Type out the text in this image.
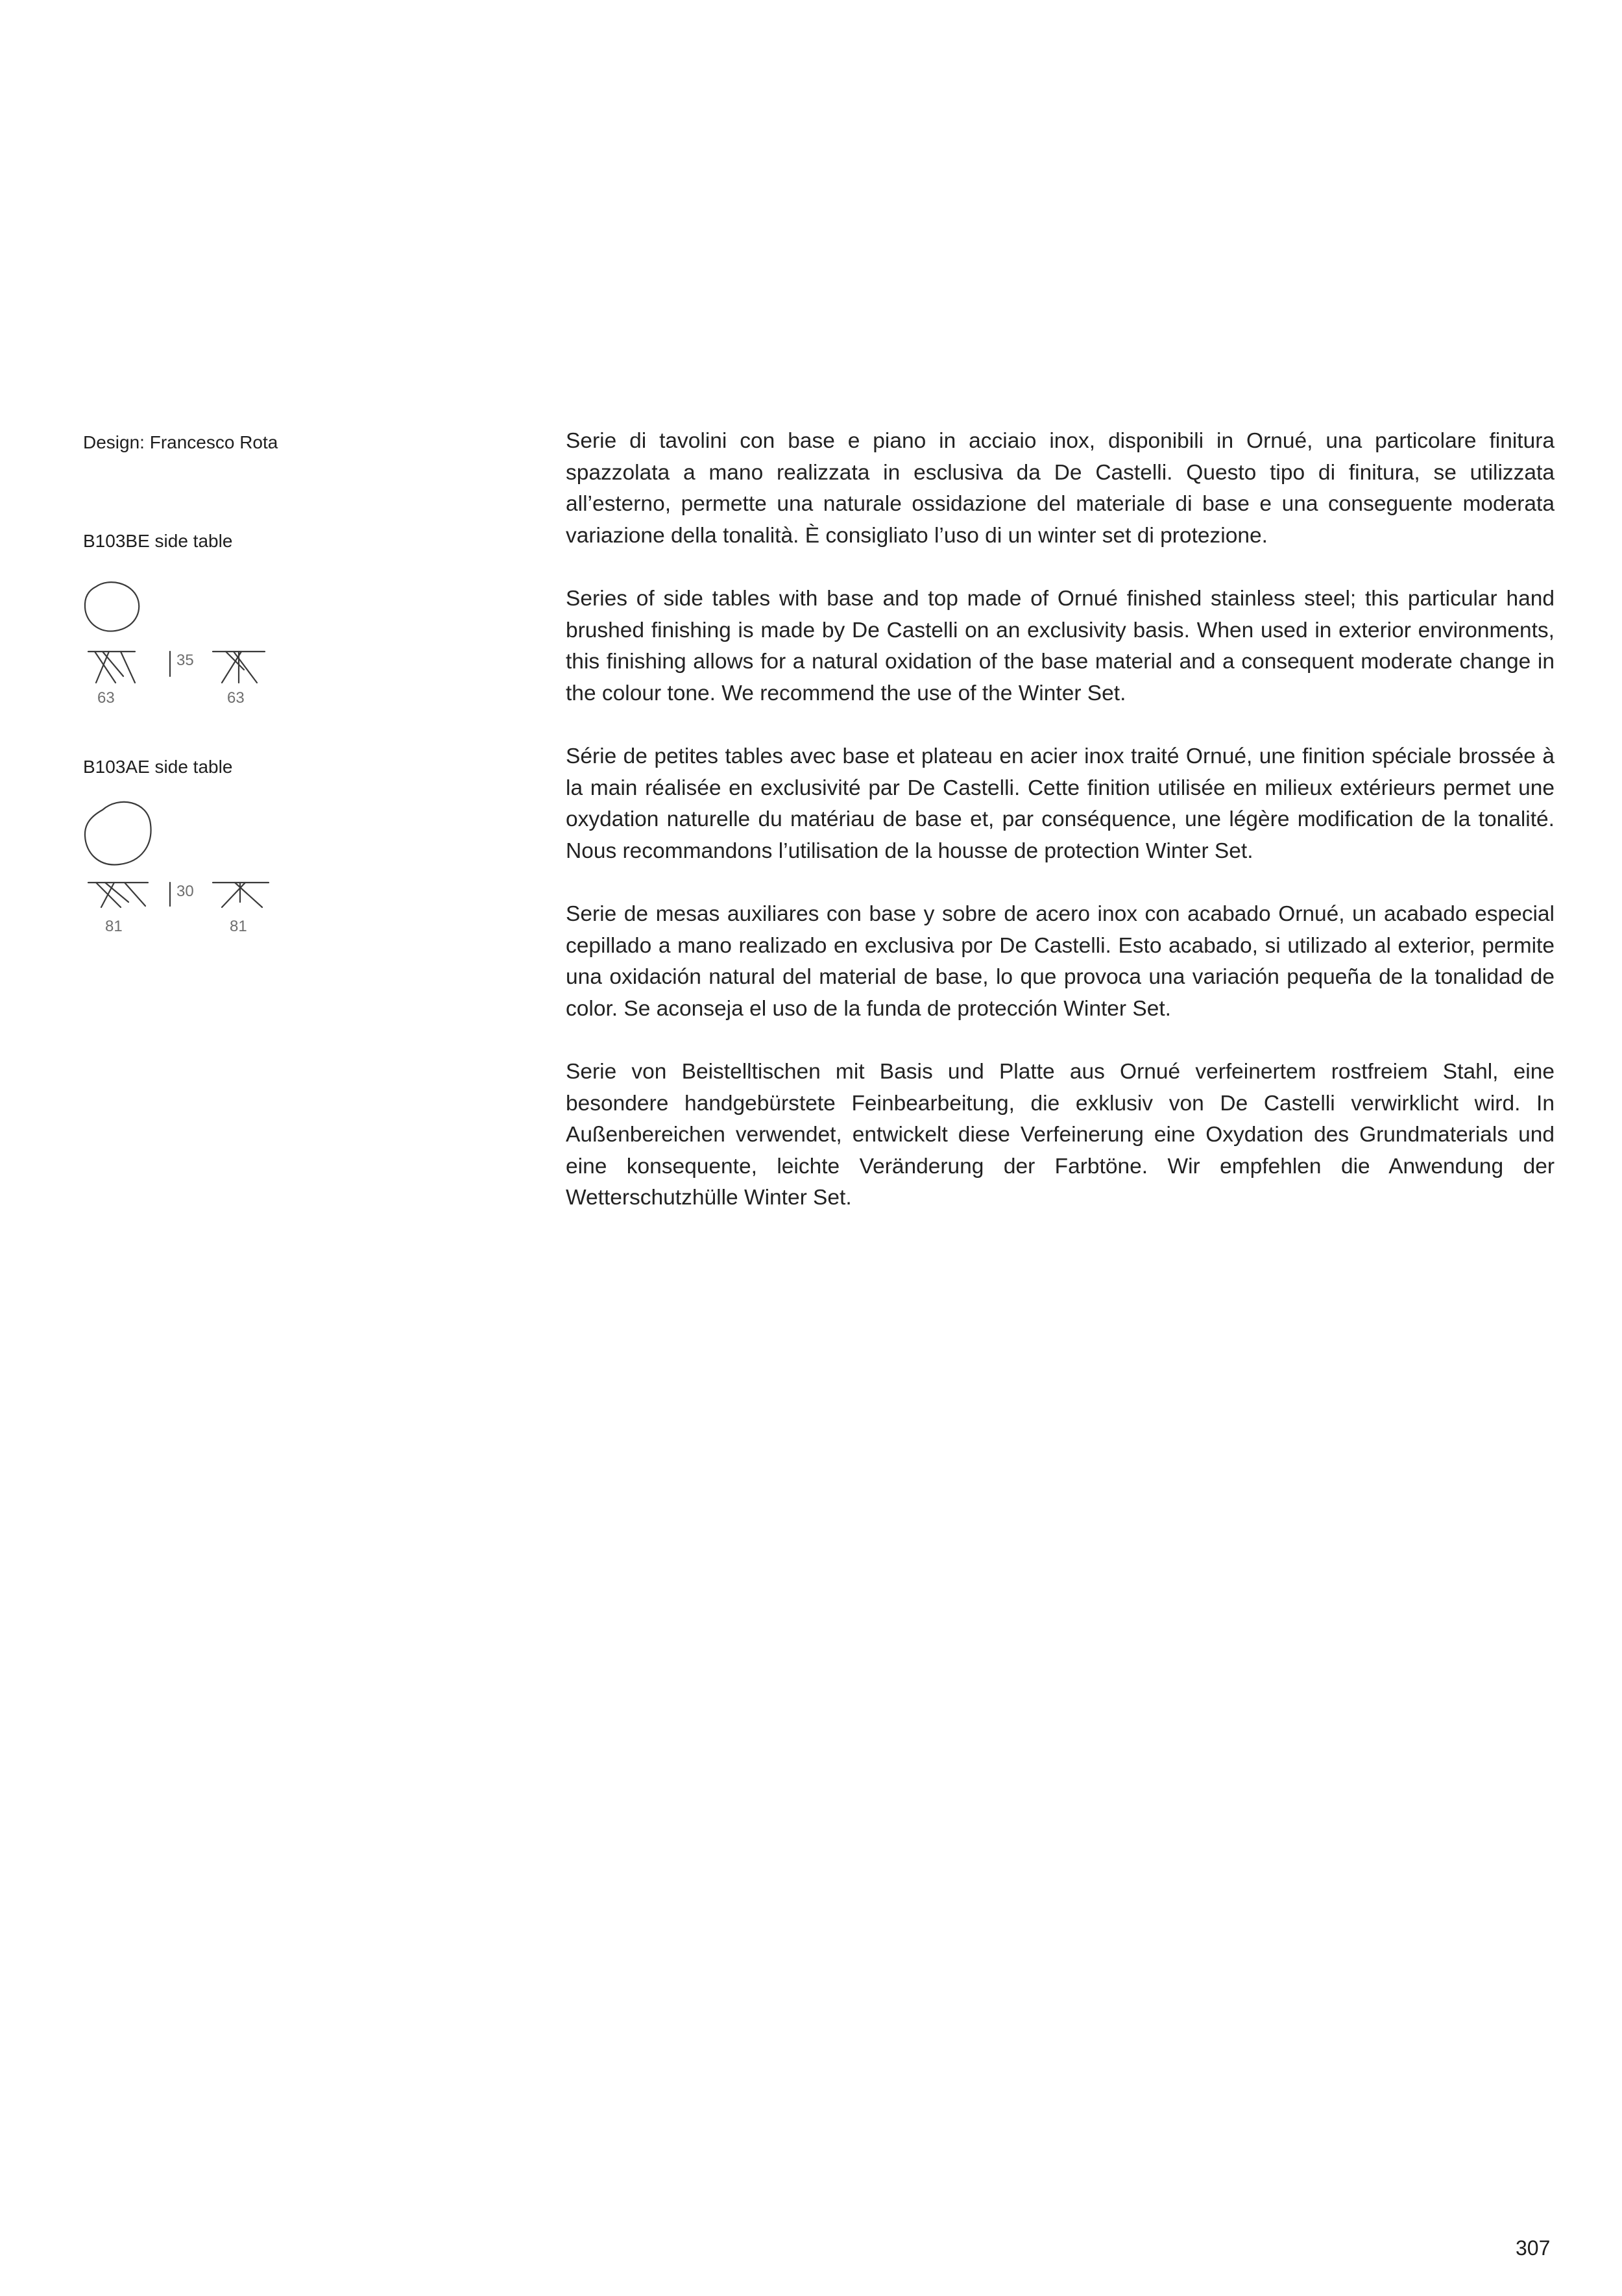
Design: Francesco Rota
B103BE side table
35
63	63
B103AE side table
30
81	81

Serie di tavolini con base e piano in acciaio inox, disponibili in Ornué, una particolare finitura spazzolata a mano realizzata in esclusiva da De Castelli. Questo tipo di finitura, se utilizzata all’esterno, permette una naturale ossidazione del materiale di base e una conseguente moderata variazione della tonalità. È consigliato l’uso di un winter set di protezione.

Series of side tables with base and top made of Ornué finished stainless steel; this particular hand brushed finishing is made by De Castelli on an exclusivity basis. When used in exterior environments, this finishing allows for a natural oxidation of the base material and a consequent moderate change in the colour tone. We recommend the use of the Winter Set.

Série de petites tables avec base et plateau en acier inox traité Ornué, une finition spéciale brossée à la main réalisée en exclusivité par De Castelli. Cette finition utilisée en milieux extérieurs permet une oxydation naturelle du matériau de base et, par conséquence, une légère modification de la tonalité. Nous recommandons l’utilisation de la housse de protection Winter Set.

Serie de mesas auxiliares con base y sobre de acero inox con acabado Ornué, un acabado especial cepillado a mano realizado en exclusiva por De Castelli. Esto acabado, si utilizado al exterior, permite una oxidación natural del material de base, lo que provoca una variación pequeña de la tonalidad de color. Se aconseja el uso de la funda de protección Winter Set.

Serie von Beistelltischen mit Basis und Platte aus Ornué verfeinertem rostfreiem Stahl, eine besondere handgebürstete Feinbearbeitung, die exklusiv von De Castelli verwirklicht wird. In Außenbereichen verwendet, entwickelt diese Verfeinerung eine Oxydation des Grundmaterials und eine konsequente, leichte Veränderung der Farbtöne. Wir empfehlen die Anwendung der Wetterschutzhülle Winter Set.

307
